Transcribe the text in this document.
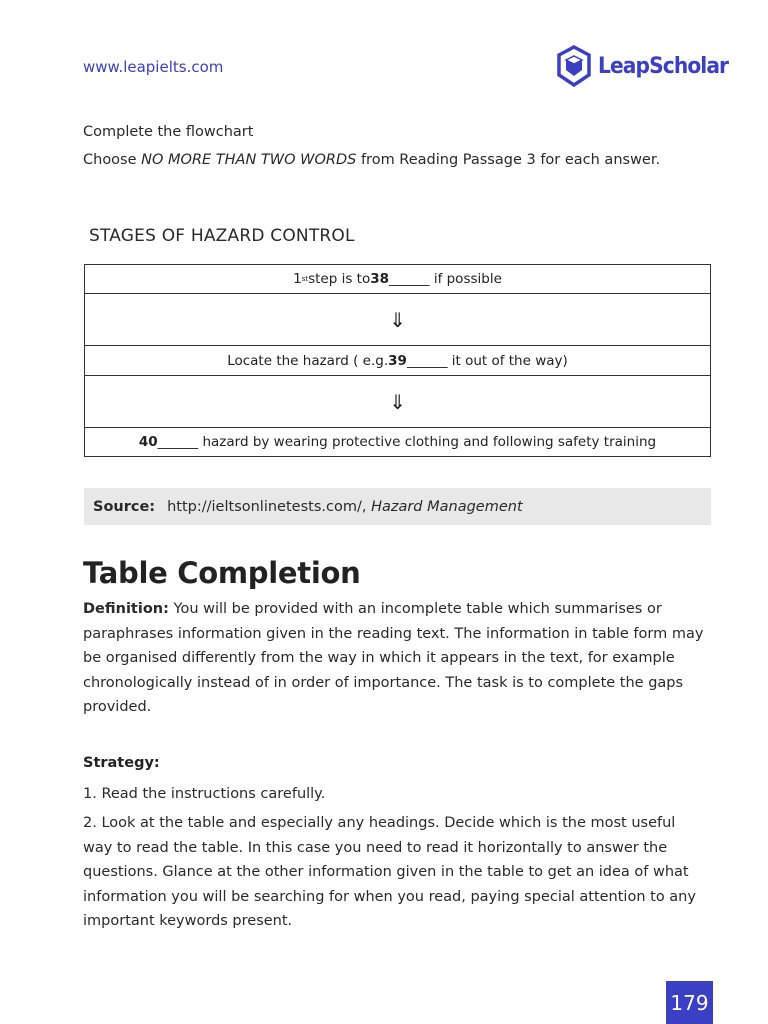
www.leapielts.com	LeapScholar
Complete the flowchart
Choose NO MORE THAN TWO WORDS from Reading Passage 3 for each answer.
STAGES OF HAZARD CONTROL
1 st step is to 38 ______ if possible
⇓
Locate the hazard ( e.g. 39 ______ it out of the way)
⇓
40 ______ hazard by wearing protective clothing and following safety training
Source: http://ieltsonlinetests.com/,
Hazard Management
Table Completion
Definition: You will be provided with an incomplete table which summarises or paraphrases information given in the reading text. The information in table form may be organised differently from the way in which it appears in the text, for example chronologically instead of in order of importance. The task is to complete the gaps provided.
Strategy:
1. Read the instructions carefully.
2. Look at the table and especially any headings. Decide which is the most useful way to read the table. In this case you need to read it horizontally to answer the questions. Glance at the other information given in the table to get an idea of what information you will be searching for when you read, paying special attention to any important keywords present.
179
